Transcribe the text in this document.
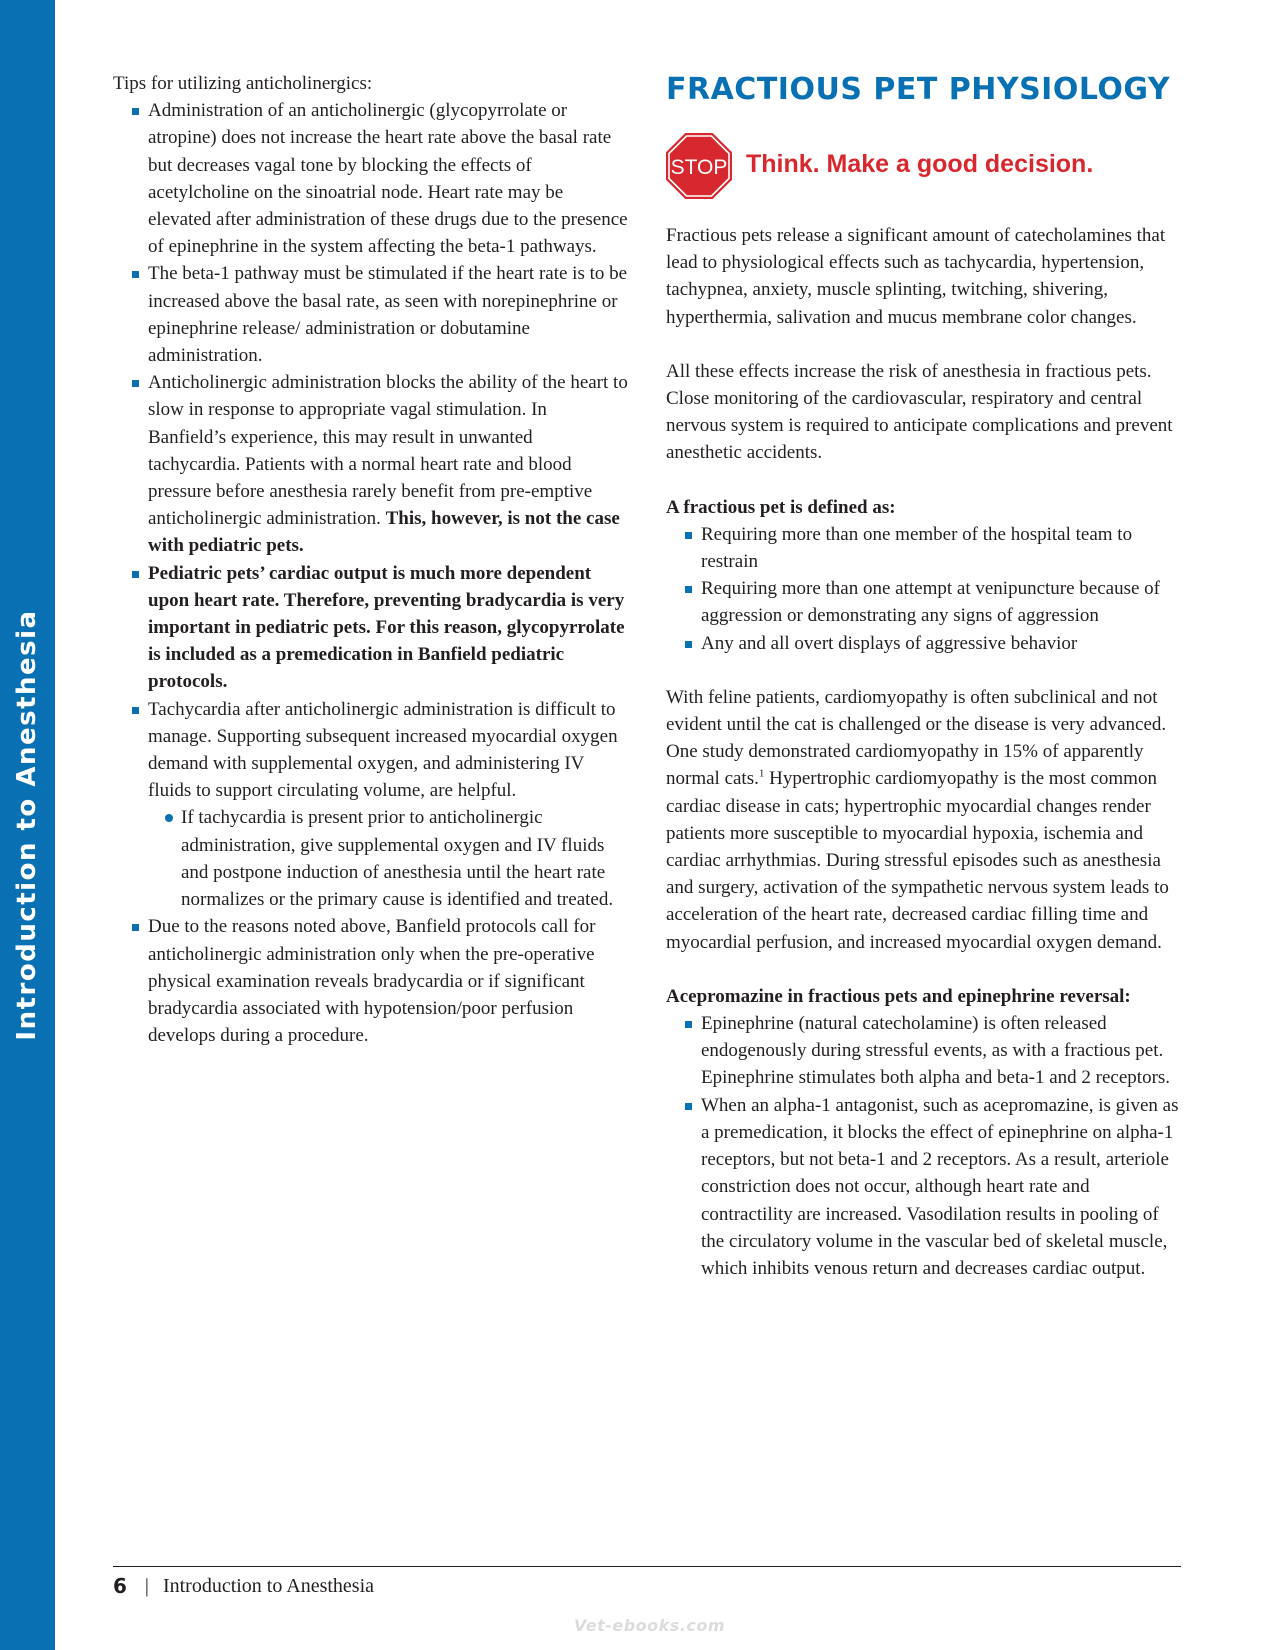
Introduction to Anesthesia

Tips for utilizing anticholinergics:

Administration of an anticholinergic (glycopyrrolate or atropine) does not increase the heart rate above the basal rate but decreases vagal tone by blocking the effects of acetylcholine on the sinoatrial node. Heart rate may be elevated after administration of these drugs due to the presence of epinephrine in the system affecting the beta-1 pathways.
The beta-1 pathway must be stimulated if the heart rate is to be increased above the basal rate, as seen with norepinephrine or epinephrine release/ administration or dobutamine administration.
Anticholinergic administration blocks the ability of the heart to slow in response to appropriate vagal stimulation. In Banfield’s experience, this may result in unwanted tachycardia. Patients with a normal heart rate and blood pressure before anesthesia rarely benefit from pre-emptive anticholinergic administration. This, however, is not the case with pediatric pets.
Pediatric pets’ cardiac output is much more dependent upon heart rate. Therefore, preventing bradycardia is very important in pediatric pets. For this reason, glycopyrrolate is included as a premedication in Banfield pediatric protocols.
Tachycardia after anticholinergic administration is difficult to manage. Supporting subsequent increased myocardial oxygen demand with supplemental oxygen, and administering IV fluids to support circulating volume, are helpful.
If tachycardia is present prior to anticholinergic administration, give supplemental oxygen and IV fluids and postpone induction of anesthesia until the heart rate normalizes or the primary cause is identified and treated.
Due to the reasons noted above, Banfield protocols call for anticholinergic administration only when the pre-operative physical examination reveals bradycardia or if significant bradycardia associated with hypotension/poor perfusion develops during a procedure.
FRACTIOUS PET PHYSIOLOGY
STOP Think. Make a good decision.

Fractious pets release a significant amount of catecholamines that lead to physiological effects such as tachycardia, hypertension, tachypnea, anxiety, muscle splinting, twitching, shivering, hyperthermia, salivation and mucus membrane color changes.

All these effects increase the risk of anesthesia in fractious pets. Close monitoring of the cardiovascular, respiratory and central nervous system is required to anticipate complications and prevent anesthetic accidents.

A fractious pet is defined as:

Requiring more than one member of the hospital team to restrain
Requiring more than one attempt at venipuncture because of aggression or demonstrating any signs of aggression
Any and all overt displays of aggressive behavior

With feline patients, cardiomyopathy is often subclinical and not evident until the cat is challenged or the disease is very advanced. One study demonstrated cardiomyopathy in 15% of apparently normal cats.$^1$ Hypertrophic cardiomyopathy is the most common cardiac disease in cats; hypertrophic myocardial changes render patients more susceptible to myocardial hypoxia, ischemia and cardiac arrhythmias. During stressful episodes such as anesthesia and surgery, activation of the sympathetic nervous system leads to acceleration of the heart rate, decreased cardiac filling time and myocardial perfusion, and increased myocardial oxygen demand.

Acepromazine in fractious pets and epinephrine reversal:

Epinephrine (natural catecholamine) is often released endogenously during stressful events, as with a fractious pet. Epinephrine stimulates both alpha and beta-1 and 2 receptors.
When an alpha-1 antagonist, such as acepromazine, is given as a premedication, it blocks the effect of epinephrine on alpha-1 receptors, but not beta-1 and 2 receptors. As a result, arteriole constriction does not occur, although heart rate and contractility are increased. Vasodilation results in pooling of the circulatory volume in the vascular bed of skeletal muscle, which inhibits venous return and decreases cardiac output.
6 | Introduction to Anesthesia
Vet-ebooks.com
